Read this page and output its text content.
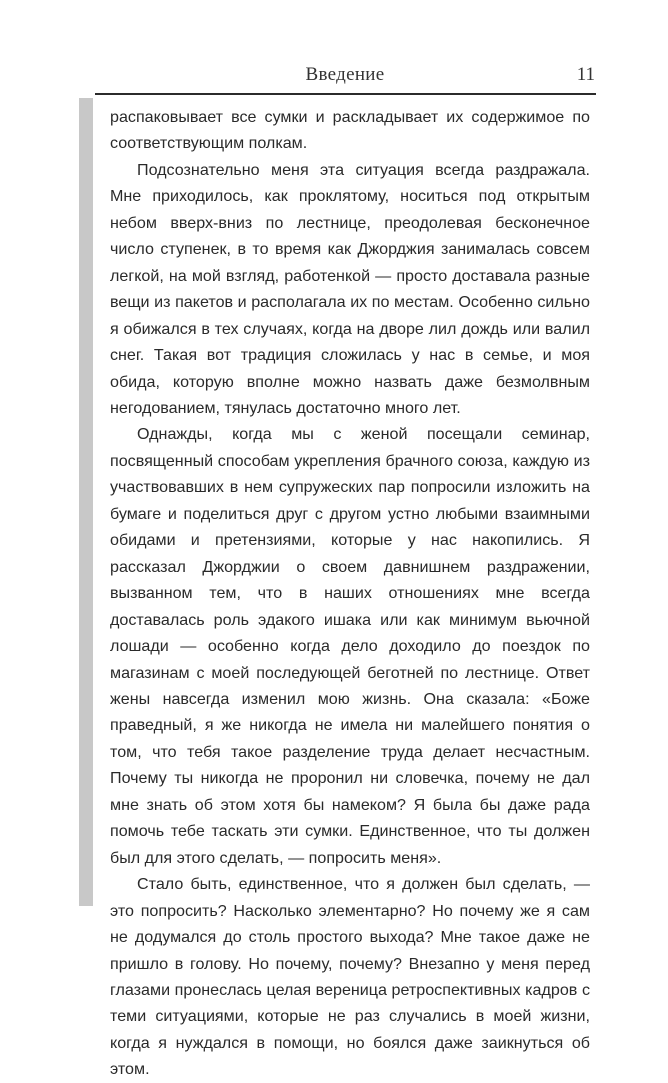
Введение	11

распаковывает все сумки и раскладывает их содержимое по соответствующим полкам.

Подсознательно меня эта ситуация всегда раздражала. Мне приходилось, как проклятому, носиться под открытым небом вверх-вниз по лестнице, преодолевая бесконечное число ступенек, в то время как Джорджия занималась совсем легкой, на мой взгляд, работенкой — просто доставала разные вещи из пакетов и располагала их по местам. Особенно сильно я обижался в тех случаях, когда на дворе лил дождь или валил снег. Такая вот традиция сложилась у нас в семье, и моя обида, которую вполне можно назвать даже безмолвным негодованием, тянулась достаточно много лет.

Однажды, когда мы с женой посещали семинар, посвященный способам укрепления брачного союза, каждую из участвовавших в нем супружеских пар попросили изложить на бумаге и поделиться друг с другом устно любыми взаимными обидами и претензиями, которые у нас накопились. Я рассказал Джорджии о своем давнишнем раздражении, вызванном тем, что в наших отношениях мне всегда доставалась роль эдакого ишака или как минимум вьючной лошади — особенно когда дело доходило до поездок по магазинам с моей последующей беготней по лестнице. Ответ жены навсегда изменил мою жизнь. Она сказала: «Боже праведный, я же никогда не имела ни малейшего понятия о том, что тебя такое разделение труда делает несчастным. Почему ты никогда не проронил ни словечка, почему не дал мне знать об этом хотя бы намеком? Я была бы даже рада помочь тебе таскать эти сумки. Единственное, что ты должен был для этого сделать, — попросить меня».

Стало быть, единственное, что я должен был сделать, — это попросить? Насколько элементарно? Но почему же я сам не додумался до столь простого выхода? Мне такое даже не пришло в голову. Но почему, почему? Внезапно у меня перед глазами пронеслась целая вереница ретроспективных кадров с теми ситуациями, которые не раз случались в моей жизни, когда я нуждался в помощи, но боялся даже заикнуться об этом.
